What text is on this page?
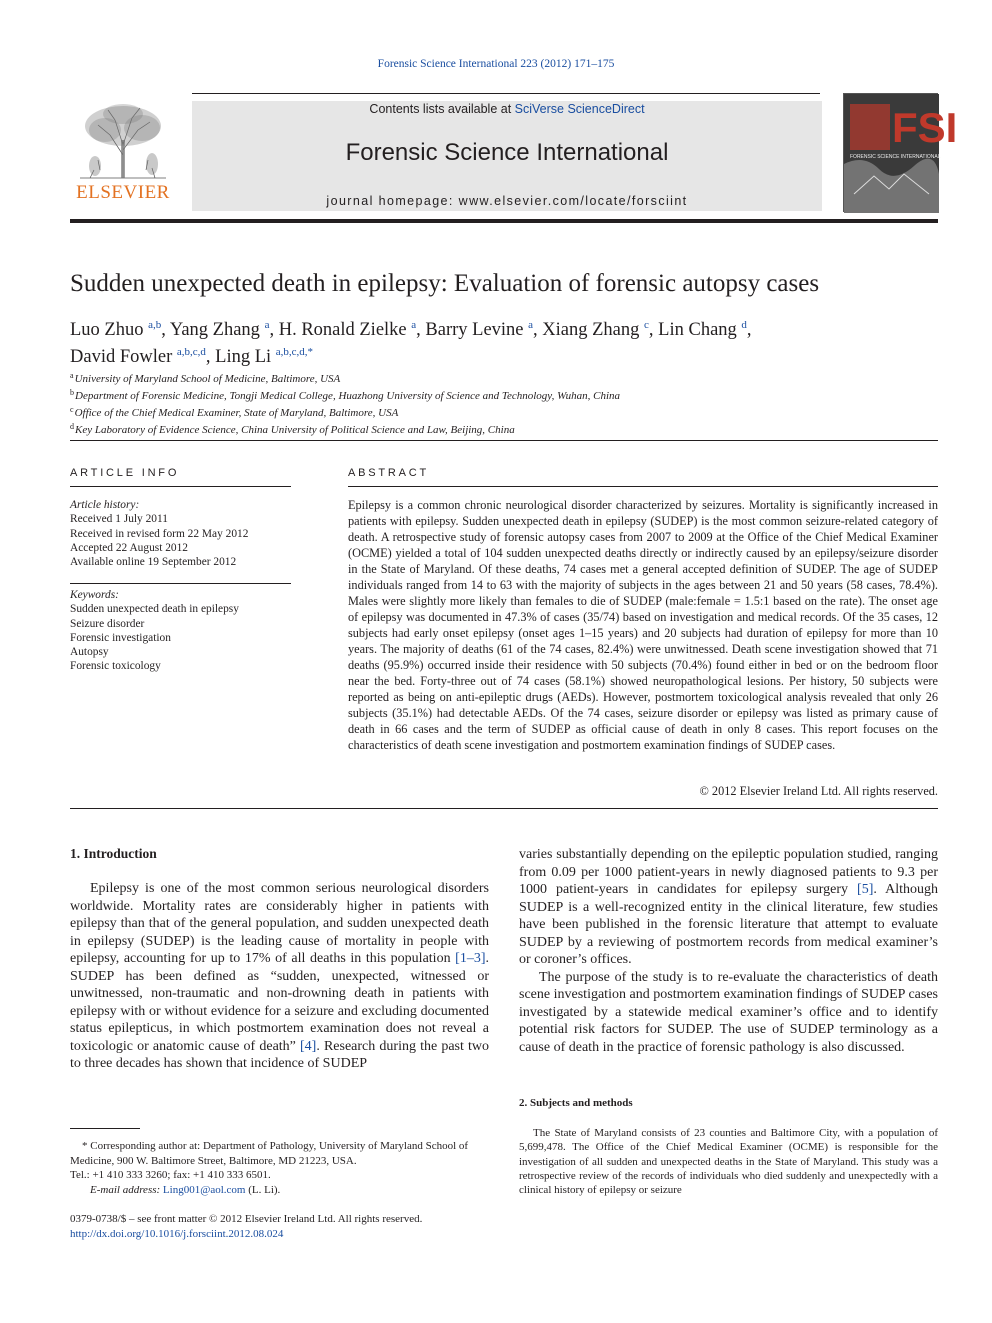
Forensic Science International 223 (2012) 171–175
ELSEVIER
Contents lists available at SciVerse ScienceDirect
Forensic Science International
journal homepage: www.elsevier.com/locate/forsciint
FSI
FORENSIC SCIENCE INTERNATIONAL
Sudden unexpected death in epilepsy: Evaluation of forensic autopsy cases
Luo Zhuo $^{a,b}$, Yang Zhang $^a$, H. Ronald Zielke $^a$, Barry Levine $^a$, Xiang Zhang $^c$, Lin Chang $^d$,
David Fowler $^{a,b,c,d}$, Ling Li $^{a,b,c,d,*}$
$^a$University of Maryland School of Medicine, Baltimore, USA
$^b$Department of Forensic Medicine, Tongji Medical College, Huazhong University of Science and Technology, Wuhan, China
$^c$Office of the Chief Medical Examiner, State of Maryland, Baltimore, USA
$^d$Key Laboratory of Evidence Science, China University of Political Science and Law, Beijing, China
ARTICLE INFO
Article history:
Received 1 July 2011
Received in revised form 22 May 2012
Accepted 22 August 2012
Available online 19 September 2012
Keywords:
Sudden unexpected death in epilepsy
Seizure disorder
Forensic investigation
Autopsy
Forensic toxicology
ABSTRACT
Epilepsy is a common chronic neurological disorder characterized by seizures. Mortality is significantly increased in patients with epilepsy. Sudden unexpected death in epilepsy (SUDEP) is the most common seizure-related category of death. A retrospective study of forensic autopsy cases from 2007 to 2009 at the Office of the Chief Medical Examiner (OCME) yielded a total of 104 sudden unexpected deaths directly or indirectly caused by an epilepsy/seizure disorder in the State of Maryland. Of these deaths, 74 cases met a general accepted definition of SUDEP. The age of SUDEP individuals ranged from 14 to 63 with the majority of subjects in the ages between 21 and 50 years (58 cases, 78.4%). Males were slightly more likely than females to die of SUDEP (male:female = 1.5:1 based on the rate). The onset age of epilepsy was documented in 47.3% of cases (35/74) based on investigation and medical records. Of the 35 cases, 12 subjects had early onset epilepsy (onset ages 1–15 years) and 20 subjects had duration of epilepsy for more than 10 years. The majority of deaths (61 of the 74 cases, 82.4%) were unwitnessed. Death scene investigation showed that 71 deaths (95.9%) occurred inside their residence with 50 subjects (70.4%) found either in bed or on the bedroom floor near the bed. Forty-three out of 74 cases (58.1%) showed neuropathological lesions. Per history, 50 subjects were reported as being on anti-epileptic drugs (AEDs). However, postmortem toxicological analysis revealed that only 26 subjects (35.1%) had detectable AEDs. Of the 74 cases, seizure disorder or epilepsy was listed as primary cause of death in 66 cases and the term of SUDEP as official cause of death in only 8 cases. This report focuses on the characteristics of death scene investigation and postmortem examination findings of SUDEP cases.
© 2012 Elsevier Ireland Ltd. All rights reserved.
1. Introduction

Epilepsy is one of the most common serious neurological disorders worldwide. Mortality rates are considerably higher in patients with epilepsy than that of the general population, and sudden unexpected death in epilepsy (SUDEP) is the leading cause of mortality in people with epilepsy, accounting for up to 17% of all deaths in this population [1–3]. SUDEP has been defined as “sudden, unexpected, witnessed or unwitnessed, non-traumatic and non-drowning death in patients with epilepsy with or without evidence for a seizure and excluding documented status epilepticus, in which postmortem examination does not reveal a toxicologic or anatomic cause of death” [4]. Research during the past two to three decades has shown that incidence of SUDEP

varies substantially depending on the epileptic population studied, ranging from 0.09 per 1000 patient-years in newly diagnosed patients to 9.3 per 1000 patient-years in candidates for epilepsy surgery [5]. Although SUDEP is a well-recognized entity in the clinical literature, few studies have been published in the forensic literature that attempt to evaluate SUDEP by a reviewing of postmortem records from medical examiner’s or coroner’s offices.

The purpose of the study is to re-evaluate the characteristics of death scene investigation and postmortem examination findings of SUDEP cases investigated by a statewide medical examiner’s office and to identify potential risk factors for SUDEP. The use of SUDEP terminology as a cause of death in the practice of forensic pathology is also discussed.

2. Subjects and methods

The State of Maryland consists of 23 counties and Baltimore City, with a population of 5,699,478. The Office of the Chief Medical Examiner (OCME) is responsible for the investigation of all sudden and unexpected deaths in the State of Maryland. This study was a retrospective review of the records of individuals who died suddenly and unexpectedly with a clinical history of epilepsy or seizure

* Corresponding author at: Department of Pathology, University of Maryland School of Medicine, 900 W. Baltimore Street, Baltimore, MD 21223, USA.
Tel.: +1 410 333 3260; fax: +1 410 333 6501.
E-mail address: Ling001@aol.com (L. Li).
0379-0738/$ – see front matter © 2012 Elsevier Ireland Ltd. All rights reserved.
http://dx.doi.org/10.1016/j.forsciint.2012.08.024
